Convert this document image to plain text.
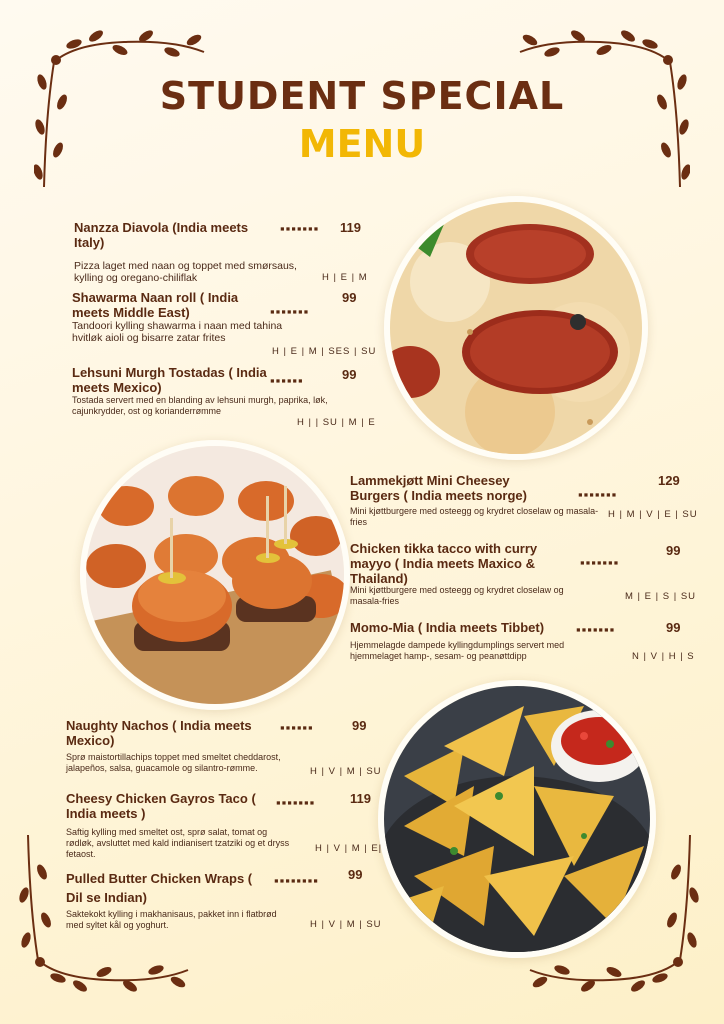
STUDENT SPECIAL
MENU
Nanzza Diavola (India meets Italy)
▪▪▪▪▪▪▪ 119
Pizza laget med naan og toppet med smørsaus, kylling og oregano-chiliflak	H | E | M
Shawarma Naan roll ( India meets Middle East)	▪▪▪▪▪▪▪
99
Tandoori kylling shawarma i naan med tahina hvitløk aioli og bisarre zatar frites
H | E | M | SES | SU
Lehsuni Murgh Tostadas ( India meets Mexico)	▪▪▪▪▪▪	99
Tostada servert med en blanding av lehsuni murgh, paprika, løk, cajunkrydder, ost og korianderrømme
H | | SU | M | E
Lammekjøtt Mini Cheesey Burgers ( India meets norge)	▪▪▪▪▪▪▪
129
Mini kjøttburgere med osteegg og krydret closelaw og masala-fries
H | M | V | E | SU
Chicken tikka tacco with curry mayyo ( India meets Maxico & Thailand)
▪▪▪▪▪▪▪
99
Mini kjøttburgere med osteegg og krydret closelaw og masala-fries	M | E | S | SU
Momo-Mia ( India meets Tibbet)	▪▪▪▪▪▪▪	99
Hjemmelagde dampede kyllingdumplings servert med hjemmelaget hamp-, sesam- og peanøttdipp	N | V | H | S
Naughty Nachos ( India meets Mexico)
▪▪▪▪▪▪	99
Sprø maistortillachips toppet med smeltet cheddarost, jalapeños, salsa, guacamole og silantro-rømme.	H | V | M | SU
Cheesy Chicken Gayros Taco ( India meets )
▪▪▪▪▪▪▪	119
Saftig kylling med smeltet ost, sprø salat, tomat og rødløk, avsluttet med kald indianisert tzatziki og et dryss fetaost.	H | V | M | E|
Pulled Butter Chicken Wraps (	▪▪▪▪▪▪▪▪ 99
Dil se Indian)
Saktekokt kylling i makhanisaus, pakket inn i flatbrød med syltet kål og yoghurt.	H | V | M | SU
